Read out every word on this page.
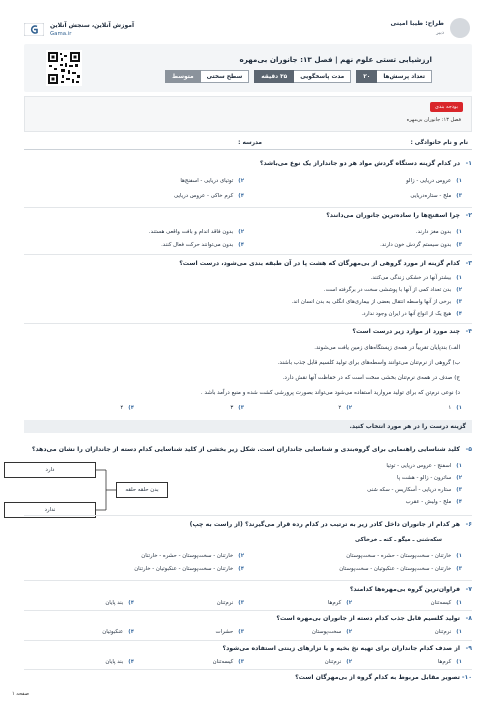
طراح: طیبا امینی
دبیر
آموزش آنلاین، سنجش آنلاین
Gama.ir
ارزشیابی تستی علوم نهم | فصل ۱۳: جانوران بی‌مهره
تعداد پرسش‌ها
۲۰
مدت پاسخگویی
۳۵ دقیقه
سطح سختی
متوسط
بودجه بندی
فصل ۱۳: جانوران بی‌مهره
نام و نام خانوادگی :
مدرسه :
۱-
در کدام گزینه دستگاه گردش مواد هر دو جانداراز یک نوع می‌باشد؟
۱)عروس دریایی - زالو
۲)توتیای دریایی - اسفنج‌ها
۳)ملخ - ستاره‌دریایی
۴)کرم خاکی - عروس دریایی
۲-
چرا اسفنج‌ها را ساده‌ترین جانوران می‌دانند؟
۱)بدون مغز دارند.
۲)بدون فاقد اندام و بافت واقعی هستند.
۳)بدون سیستم گردش خون دارند.
۴)بدون می‌توانند حرکت فعال کنند.
۳-
کدام گزینه از مورد گروهی از بی‌مهرگان که هشت پا در آن طبقه بندی می‌شود، درست است؟
۱)بیشتر آنها در خشکی زندگی می‌کنند.
۲)بدن تعداد کمی از آنها با پوششی سخت در برگرفته است.
۳)برخی از آنها واسطه انتقال بعضی از بیماری‌های انگلی به بدن انسان اند.
۴)هیچ یک از انواع آنها در ایران وجود ندارد.
۴-
چند مورد از موارد زیر درست است؟
الف) بندپایان تقریباً در همه‌ی زیستگاه‌های زمین یافت می‌شوند.
ب) گروهی از نرم‌تنان می‌توانند واسطه‌های برای تولید کلسیم قابل جذب باشند.
ج) صدف در همه‌ی نرم‌تنان بخشی سخت است که در حفاظت آنها نقش دارد.
د) نوعی نرم‌تن که برای تولید مروارید استفاده می‌شود می‌تواند بصورت پرورشی کشت شده و منبع درآمد باشد .
۱)۱
۲)۲
۳)۳
۴)۴
گزینه درست را در هر مورد انتخاب کنید.
۵-
کلید شناسایی راهنمایی برای گروه‌بندی و شناسایی جانداران است. شکل زیر بخشی از کلید شناسایی کدام دسته از جانداران را نشان می‌دهد؟
۱)اسفنج - عروس دریایی - توتیا
۲)ساترون - زالو - هشت پا
۳)ستاره دریایی - آسکاریس - سکه شنی
۴)ملخ - ولیش - عقرب
دارد
ندارد
بدن حلقه حلقه
۶-
هر کدام از جانوران داخل کادر زیر به ترتیب در کدام رده قرار می‌گیرند؟ (از راست به چپ)
سکه‌شنی ـ میگو ـ کنه ـ خرخاکی
۱)خارتنان - سخت‌پوستان - حشره - سخت‌پوستان
۲)خارتنان - سخت‌پوستان - حشره - خارتنان
۳)خارتنان - سخت‌پوستان - عنکبوتیان - سخت‌پوستان
۴)خارتنان - سخت‌پوستان - عنکبوتیان - خارتنان
۷-
فراوان‌ترین گروه بی‌مهره‌ها کدامند؟
۱)کیسه‌تنان
۲)کرم‌ها
۳)نرم‌تنان
۴)بند پایان
۸-
تولید کلسیم قابل جذب کدام دسته از جانوران بی‌مهره است؟
۱)نرم‌تنان
۲)سخت‌پوستان
۳)حشرات
۴)عنکبوتیان
۹-
از صدف کدام جانداران برای تهیه نخ بخیه و یا تزارهای زینتی استفاده می‌شود؟
۱)کرم‌ها
۲)نرم‌تنان
۳)کیسه‌تنان
۴)بند پایان
۱۰-
تصویر مقابل مربوط به کدام گروه از بی‌مهرگان است؟
صفحه ۱
